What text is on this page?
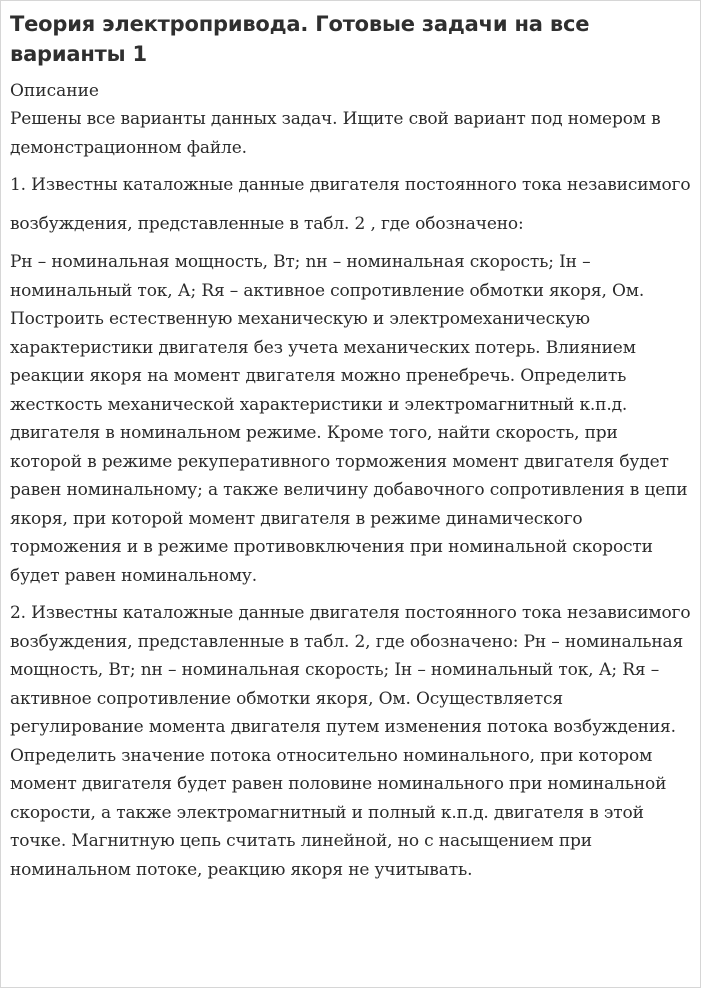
Теория электропривода. Готовые задачи на все варианты 1
Описание

Решены все варианты данных задач. Ищите свой вариант под номером в демонстрационном файле.

1. Известны каталожные данные двигателя постоянного тока независимого

возбуждения, представленные в табл. 2 , где обозначено:

Pн – номинальная мощность, Вт; nн – номинальная скорость; Iн – номинальный ток, А; Rя – активное сопротивление обмотки якоря, Ом. Построить естественную механическую и электромеханическую характеристики двигателя без учета механических потерь. Влиянием реакции якоря на момент двигателя можно пренебречь. Определить жесткость механической характеристики и электромагнитный к.п.д. двигателя в номинальном режиме. Кроме того, найти скорость, при которой в режиме рекуперативного торможения момент двигателя будет равен номинальному; а также величину добавочного сопротивления в цепи якоря, при которой момент двигателя в режиме динамического торможения и в режиме противовключения при номинальной скорости будет равен номинальному.

2. Известны каталожные данные двигателя постоянного тока независимого возбуждения, представленные в табл. 2, где обозначено: Pн – номинальная мощность, Вт; nн – номинальная скорость; Iн – номинальный ток, А; Rя – активное сопротивление обмотки якоря, Ом. Осуществляется регулирование момента двигателя путем изменения потока возбуждения. Определить значение потока относительно номинального, при котором момент двигателя будет равен половине номинального при номинальной скорости, а также электромагнитный и полный к.п.д. двигателя в этой точке. Магнитную цепь считать линейной, но с насыщением при номинальном потоке, реакцию якоря не учитывать.
